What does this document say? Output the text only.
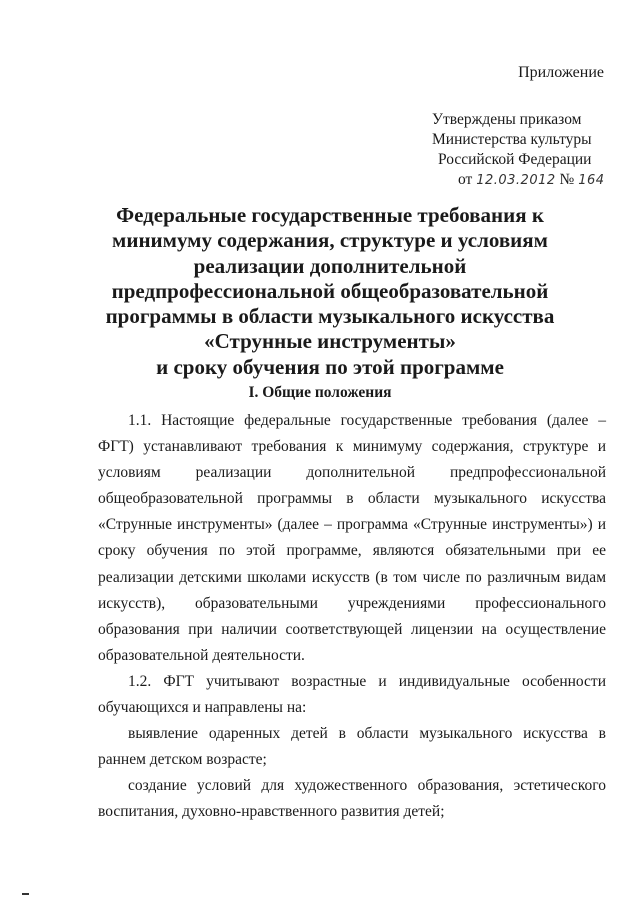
Приложение
Утверждены приказом
Министерства культуры
Российской Федерации
от 12.03.2012 № 164
Федеральные государственные требования к
минимуму содержания, структуре и условиям
реализации дополнительной
предпрофессиональной общеобразовательной
программы в области музыкального искусства
«Струнные инструменты»
и сроку обучения по этой программе
I. Общие положения

1.1. Настоящие федеральные государственные требования (далее – ФГТ) устанавливают требования к минимуму содержания, структуре и условиям реализации дополнительной предпрофессиональной общеобразовательной программы в области музыкального искусства «Струнные инструменты» (далее – программа «Струнные инструменты») и сроку обучения по этой программе, являются обязательными при ее реализации детскими школами искусств (в том числе по различным видам искусств), образовательными учреждениями профессионального образования при наличии соответствующей лицензии на осуществление образовательной деятельности.

1.2. ФГТ учитывают возрастные и индивидуальные особенности обучающихся и направлены на:

выявление одаренных детей в области музыкального искусства в раннем детском возрасте;

создание условий для художественного образования, эстетического воспитания, духовно-нравственного развития детей;
